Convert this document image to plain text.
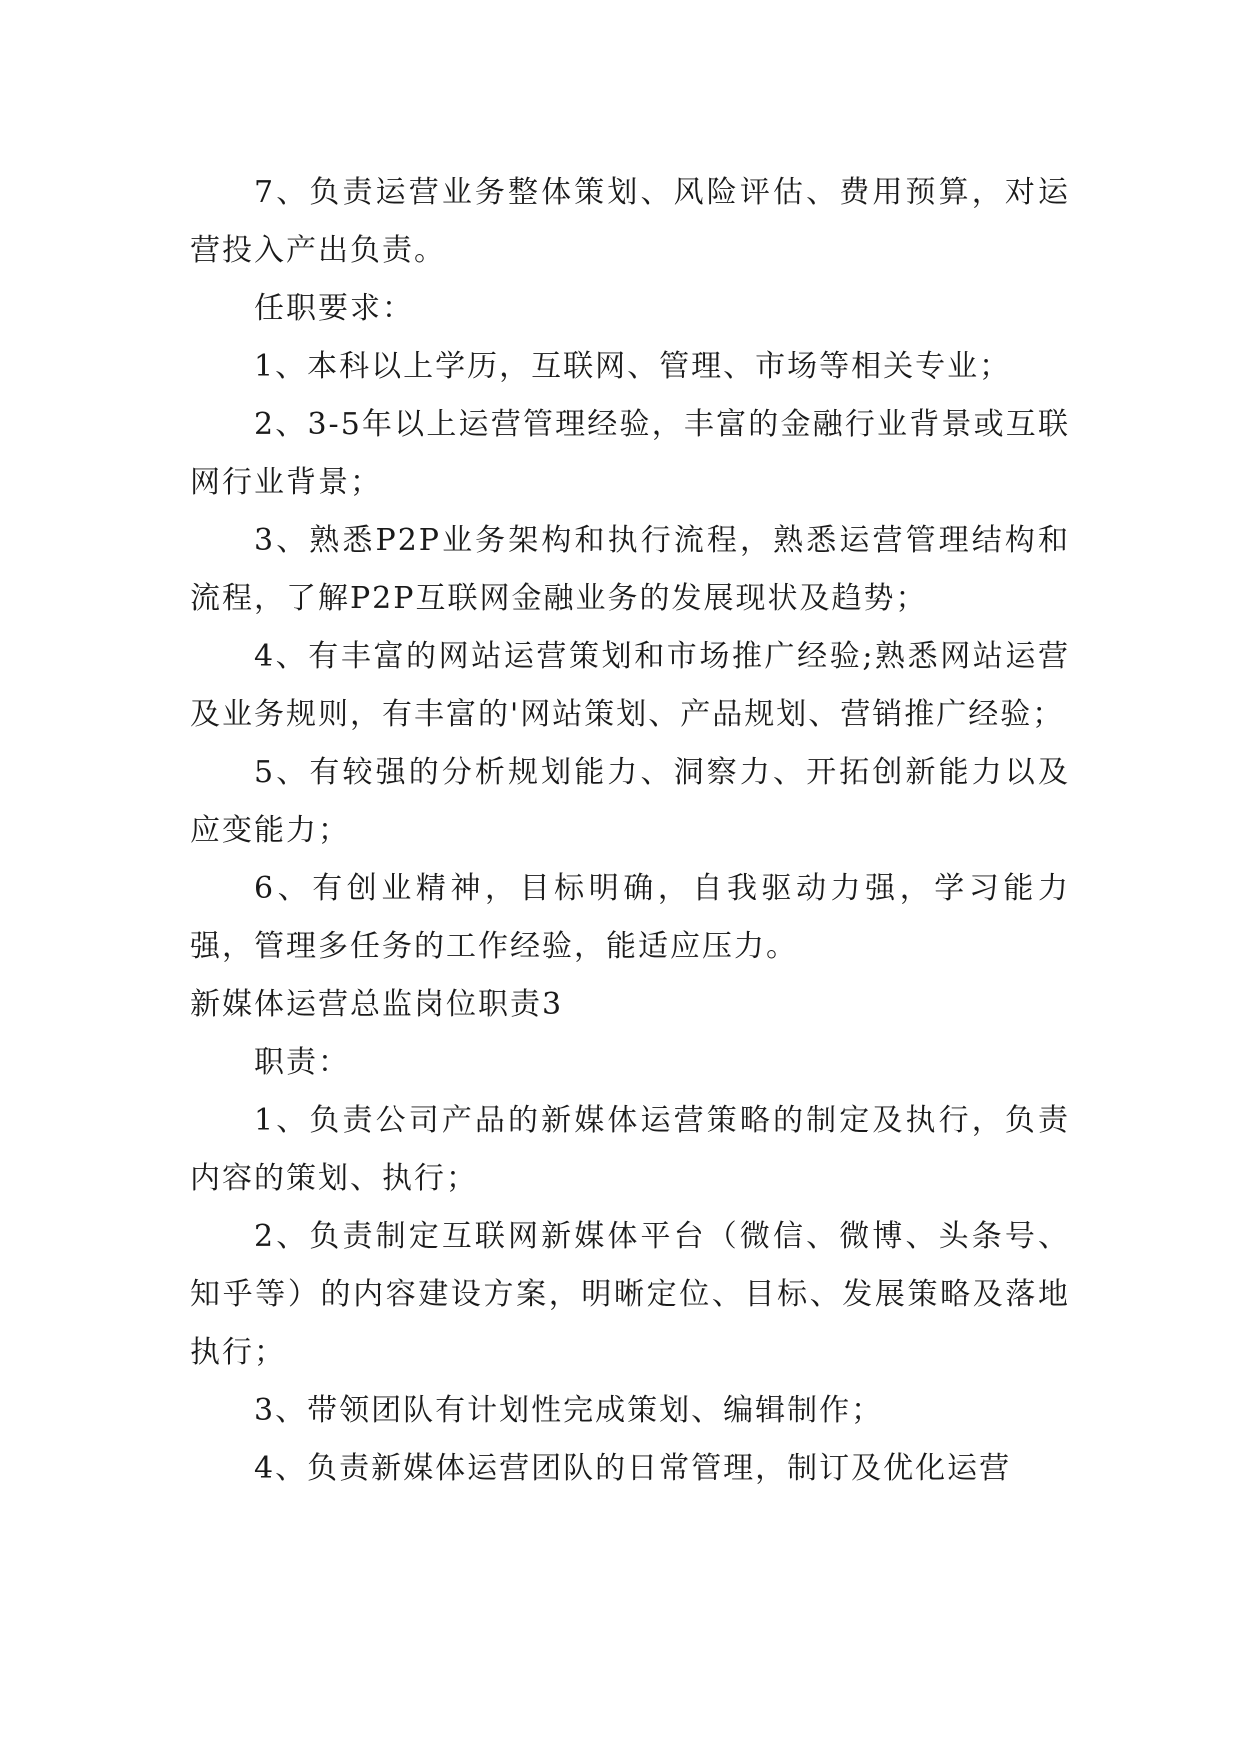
7、负责运营业务整体策划、风险评估、费用预算，对运营投入产出负责。

任职要求：

1、本科以上学历，互联网、管理、市场等相关专业；

2、3-5年以上运营管理经验，丰富的金融行业背景或互联网行业背景；

3、熟悉P2P业务架构和执行流程，熟悉运营管理结构和流程，了解P2P互联网金融业务的发展现状及趋势；

4、有丰富的网站运营策划和市场推广经验;熟悉网站运营及业务规则，有丰富的'网站策划、产品规划、营销推广经验；

5、有较强的分析规划能力、洞察力、开拓创新能力以及应变能力；

6、有创业精神，目标明确，自我驱动力强，学习能力强，管理多任务的工作经验，能适应压力。

新媒体运营总监岗位职责3

职责：

1、负责公司产品的新媒体运营策略的制定及执行，负责内容的策划、执行；

2、负责制定互联网新媒体平台（微信、微博、头条号、知乎等）的内容建设方案，明晰定位、目标、发展策略及落地执行；

3、带领团队有计划性完成策划、编辑制作；

4、负责新媒体运营团队的日常管理，制订及优化运营
